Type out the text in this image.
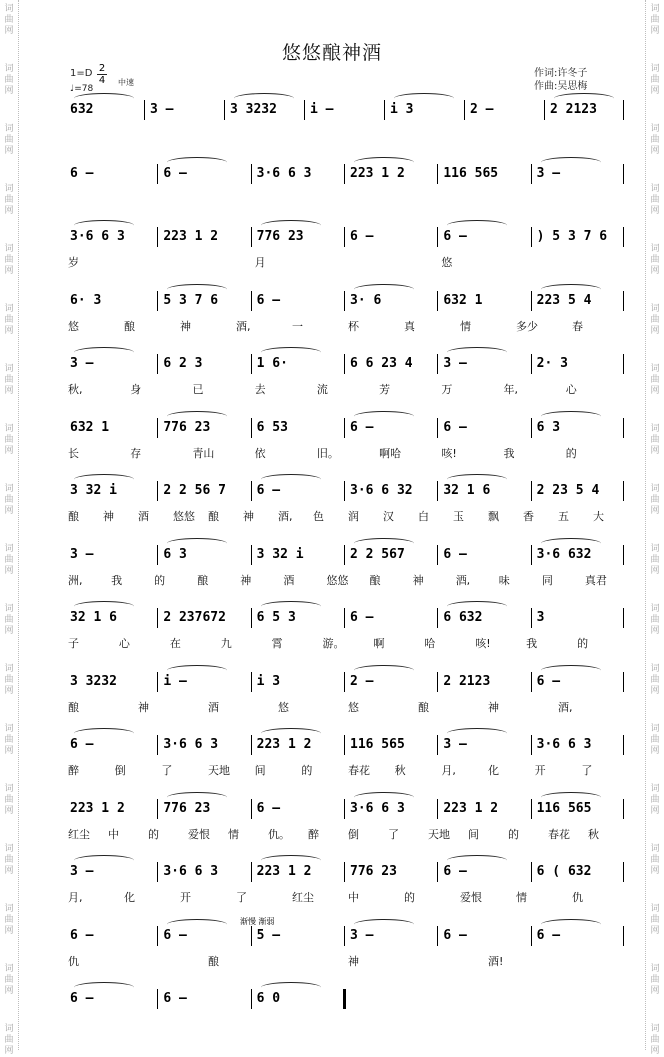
词
曲
网
词
曲
网
词
曲
网
词
曲
网
词
曲
网
词
曲
网
词
曲
网
词
曲
网
词
曲
网
词
曲
网
词
曲
网
词
曲
网
词
曲
网
词
曲
网
词
曲
网
词
曲
网
词
曲
网
词
曲
网
词
曲
网
词
曲
网
词
曲
网
词
曲
网
词
曲
网
词
曲
网
词
曲
网
词
曲
网
词
曲
网
词
曲
网
词
曲
网
词
曲
网
词
曲
网
词
曲
网
词
曲
网
词
曲
网
词
曲
网
词
曲
网
悠悠酿神酒
1=D 2
4 中速
♩=78
作词:许冬子
作曲:吴思梅
632	3 –	3 3232	i –	i 3	2 –	2 2123
6 –	6 –	3·6 6 3	223 1 2	116 565	3 –
3·6 6 3	223 1 2	776 23	6 –	6 –	) 5 3 7 6
岁	月	悠
6· 3	5 3 7 6	6 –	3· 6	632 1	223 5 4
悠	酿	神	酒,	一	杯	真	情	多少	春
3 –	6 2 3	1 6·	6 6 23 4 3 –	2· 3
秋,	身	已	去	流	芳	万	年,	心
632 1	776 23	6 53	6 –	6 –	6 3
长	存	青山	依	旧。	啊哈	咳!	我	的
3 32 i	2 2 56 7 6 –	3·6 6 32 32 1 6	2 23 5 4
酿 神 酒 悠悠 酿 神 酒, 色 润 汉 白 玉 飘 香 五 大
3 –	6 3	3 32 i	2 2 567	6 –	3·6 632
洲,	我	的	酿	神	酒	悠悠 酿	神	酒,	味	同	真君
32 1 6	2 237672 6 5 3	6 –	6 632	3
子	心	在	九	霄	游。	啊	哈	咳!	我	的
3 3232	i –	i 3	2 –	2 2123	6 –
酿	神	酒	悠	悠	酿	神	酒,
6 –	3·6 6 3	223 1 2	116 565	3 –	3·6 6 3
醉	倒	了	天地 间	的	春花 秋	月,	化	开	了
223 1 2	776 23	6 –	3·6 6 3	223 1 2	116 565
红尘 中	的	爱恨 情	仇。 醉	倒	了	天地 间	的	春花 秋
3 –	3·6 6 3	223 1 2	776 23	6 –	6 ( 632
月,	化	开	了	红尘	中	的	爱恨	情	仇
6 –	6 –	5 –	3 –	6 –	6 –
仇	酿	神	酒!
渐慢 渐弱
6 –	6 –	6 0
